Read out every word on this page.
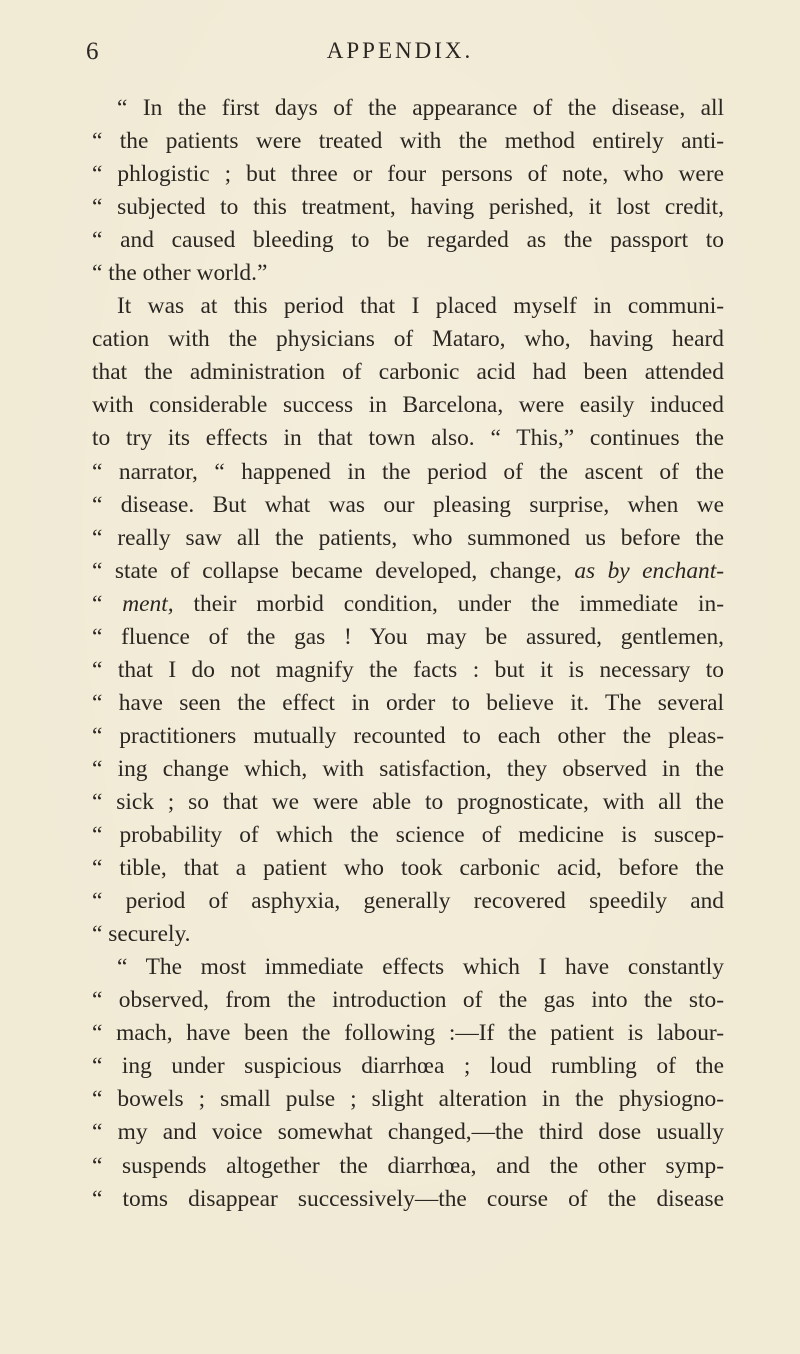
6	APPENDIX.
“ In the first days of the appearance of the disease, all
“ the patients were treated with the method entirely anti-
“ phlogistic ; but three or four persons of note, who were
“ subjected to this treatment, having perished, it lost credit,
“ and caused bleeding to be regarded as the passport to
“ the other world.”
It was at this period that I placed myself in communi-
cation with the physicians of Mataro, who, having heard
that the administration of carbonic acid had been attended
with considerable success in Barcelona, were easily induced
to try its effects in that town also. “ This,” continues the
“ narrator, “ happened in the period of the ascent of the
“ disease. But what was our pleasing surprise, when we
“ really saw all the patients, who summoned us before the
“ state of collapse became developed, change, as by enchant-
“ ment, their morbid condition, under the immediate in-
“ fluence of the gas ! You may be assured, gentlemen,
“ that I do not magnify the facts : but it is necessary to
“ have seen the effect in order to believe it. The several
“ practitioners mutually recounted to each other the pleas-
“ ing change which, with satisfaction, they observed in the
“ sick ; so that we were able to prognosticate, with all the
“ probability of which the science of medicine is suscep-
“ tible, that a patient who took carbonic acid, before the
“ period of asphyxia, generally recovered speedily and
“ securely.
“ The most immediate effects which I have constantly
“ observed, from the introduction of the gas into the sto-
“ mach, have been the following :—If the patient is labour-
“ ing under suspicious diarrhœa ; loud rumbling of the
“ bowels ; small pulse ; slight alteration in the physiogno-
“ my and voice somewhat changed,—the third dose usually
“ suspends altogether the diarrhœa, and the other symp-
“ toms disappear successively—the course of the disease
